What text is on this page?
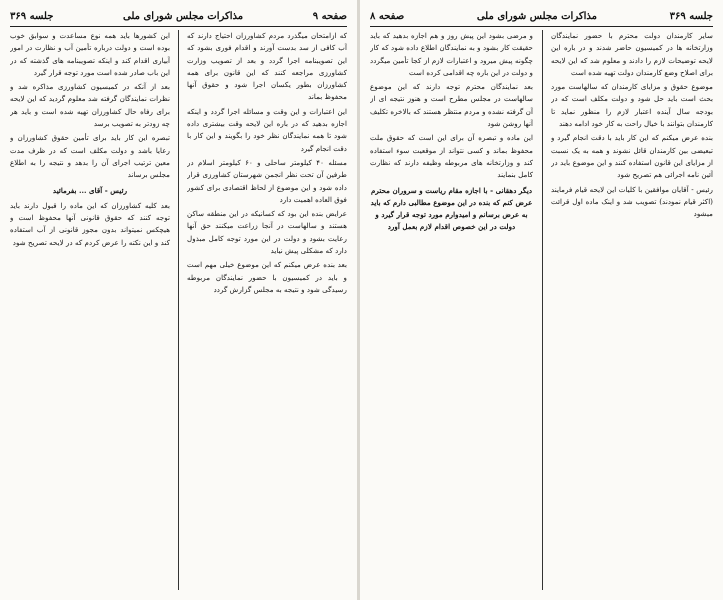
صفحه ۹
مذاکرات مجلس شورای ملی
جلسه ۳۶۹

که ازامتحان میگذرد مردم کشاورزان احتیاج دارند که آب کافی از سد بدست آورند و اقدام فوری بشود که این تصویبنامه اجرا گردد و بعد از تصویب وزارت کشاورزی مراجعه کنند که این قانون برای همه کشاورزان بطور یکسان اجرا شود و حقوق آنها محفوظ بماند

این اعتبارات و این وقت و مسائله اجرا گردد و اینکه اجازه بدهید که در باره این لایحه وقت بیشتری داده شود تا همه نمایندگان نظر خود را بگویند و این کار با دقت انجام گیرد

مسئله ۴۰ کیلومتر ساحلی و ۶۰ کیلومتر اسلام در طرفین آن تحت نظر انجمن شهرستان کشاورزی قرار داده شود و این موضوع از لحاظ اقتصادی برای کشور فوق العاده اهمیت دارد

عرایض بنده این بود که کسانیکه در این منطقه ساکن هستند و سالهاست در آنجا زراعت میکنند حق آنها رعایت بشود و دولت در این مورد توجه کامل مبذول دارد که مشکلی پیش نیاید

بعد بنده عرض میکنم که این موضوع خیلی مهم است و باید در کمیسیون با حضور نمایندگان مربوطه رسیدگی شود و نتیجه به مجلس گزارش گردد

این کشورها باید همه نوع مساعدت و سوابق خوب بوده است و دولت درباره تأمین آب و نظارت در امور آبیاری اقدام کند و اینکه تصویبنامه های گذشته که در این باب صادر شده است مورد توجه قرار گیرد

بعد از آنکه در کمیسیون کشاورزی مذاکره شد و نظرات نمایندگان گرفته شد معلوم گردید که این لایحه برای رفاه حال کشاورزان تهیه شده است و باید هر چه زودتر به تصویب برسد

تبصره این کار باید برای تأمین حقوق کشاورزان و رعایا باشد و دولت مکلف است که در ظرف مدت معین ترتیب اجرای آن را بدهد و نتیجه را به اطلاع مجلس برساند

رئیس - آقای ... بفرمائید

بعد کلیه کشاورزان که این ماده را قبول دارند باید توجه کنند که حقوق قانونی آنها محفوظ است و هیچکس نمیتواند بدون مجوز قانونی از آب استفاده کند و این نکته را عرض کردم که در لایحه تصریح شود

جلسه ۳۶۹
مذاکرات مجلس شورای ملی
صفحه ۸

سایر کارمندان دولت محترم با حضور نمایندگان وزارتخانه ها در کمیسیون حاضر شدند و در باره این لایحه توضیحات لازم را دادند و معلوم شد که این لایحه برای اصلاح وضع کارمندان دولت تهیه شده است

موضوع حقوق و مزایای کارمندان که سالهاست مورد بحث است باید حل شود و دولت مکلف است که در بودجه سال آینده اعتبار لازم را منظور نماید تا کارمندان بتوانند با خیال راحت به کار خود ادامه دهند

بنده عرض میکنم که این کار باید با دقت انجام گیرد و تبعیضی بین کارمندان قائل نشوند و همه به یک نسبت از مزایای این قانون استفاده کنند و این موضوع باید در آئین نامه اجرائی هم تصریح شود

رئیس - آقایان موافقین با کلیات این لایحه قیام فرمایند (اکثر قیام نمودند) تصویب شد و اینک ماده اول قرائت میشود

و مرضی بشود این پیش روز و هم اجازه بدهید که باید حقیقت کار بشود و به نمایندگان اطلاع داده شود که کار چگونه پیش میرود و اعتبارات لازم از کجا تأمین میگردد و دولت در این باره چه اقدامی کرده است

بعد نمایندگان محترم توجه دارند که این موضوع سالهاست در مجلس مطرح است و هنوز نتیجه ای از آن گرفته نشده و مردم منتظر هستند که بالاخره تکلیف آنها روشن شود

این ماده و تبصره آن برای این است که حقوق ملت محفوظ بماند و کسی نتواند از موقعیت سوء استفاده کند و وزارتخانه های مربوطه وظیفه دارند که نظارت کامل بنمایند

دیگر دهقانی - با اجازه مقام ریاست و سروران محترم عرض کنم که بنده در این موضوع مطالبی دارم که باید به عرض برسانم و امیدوارم مورد توجه قرار گیرد و دولت در این خصوص اقدام لازم بعمل آورد
